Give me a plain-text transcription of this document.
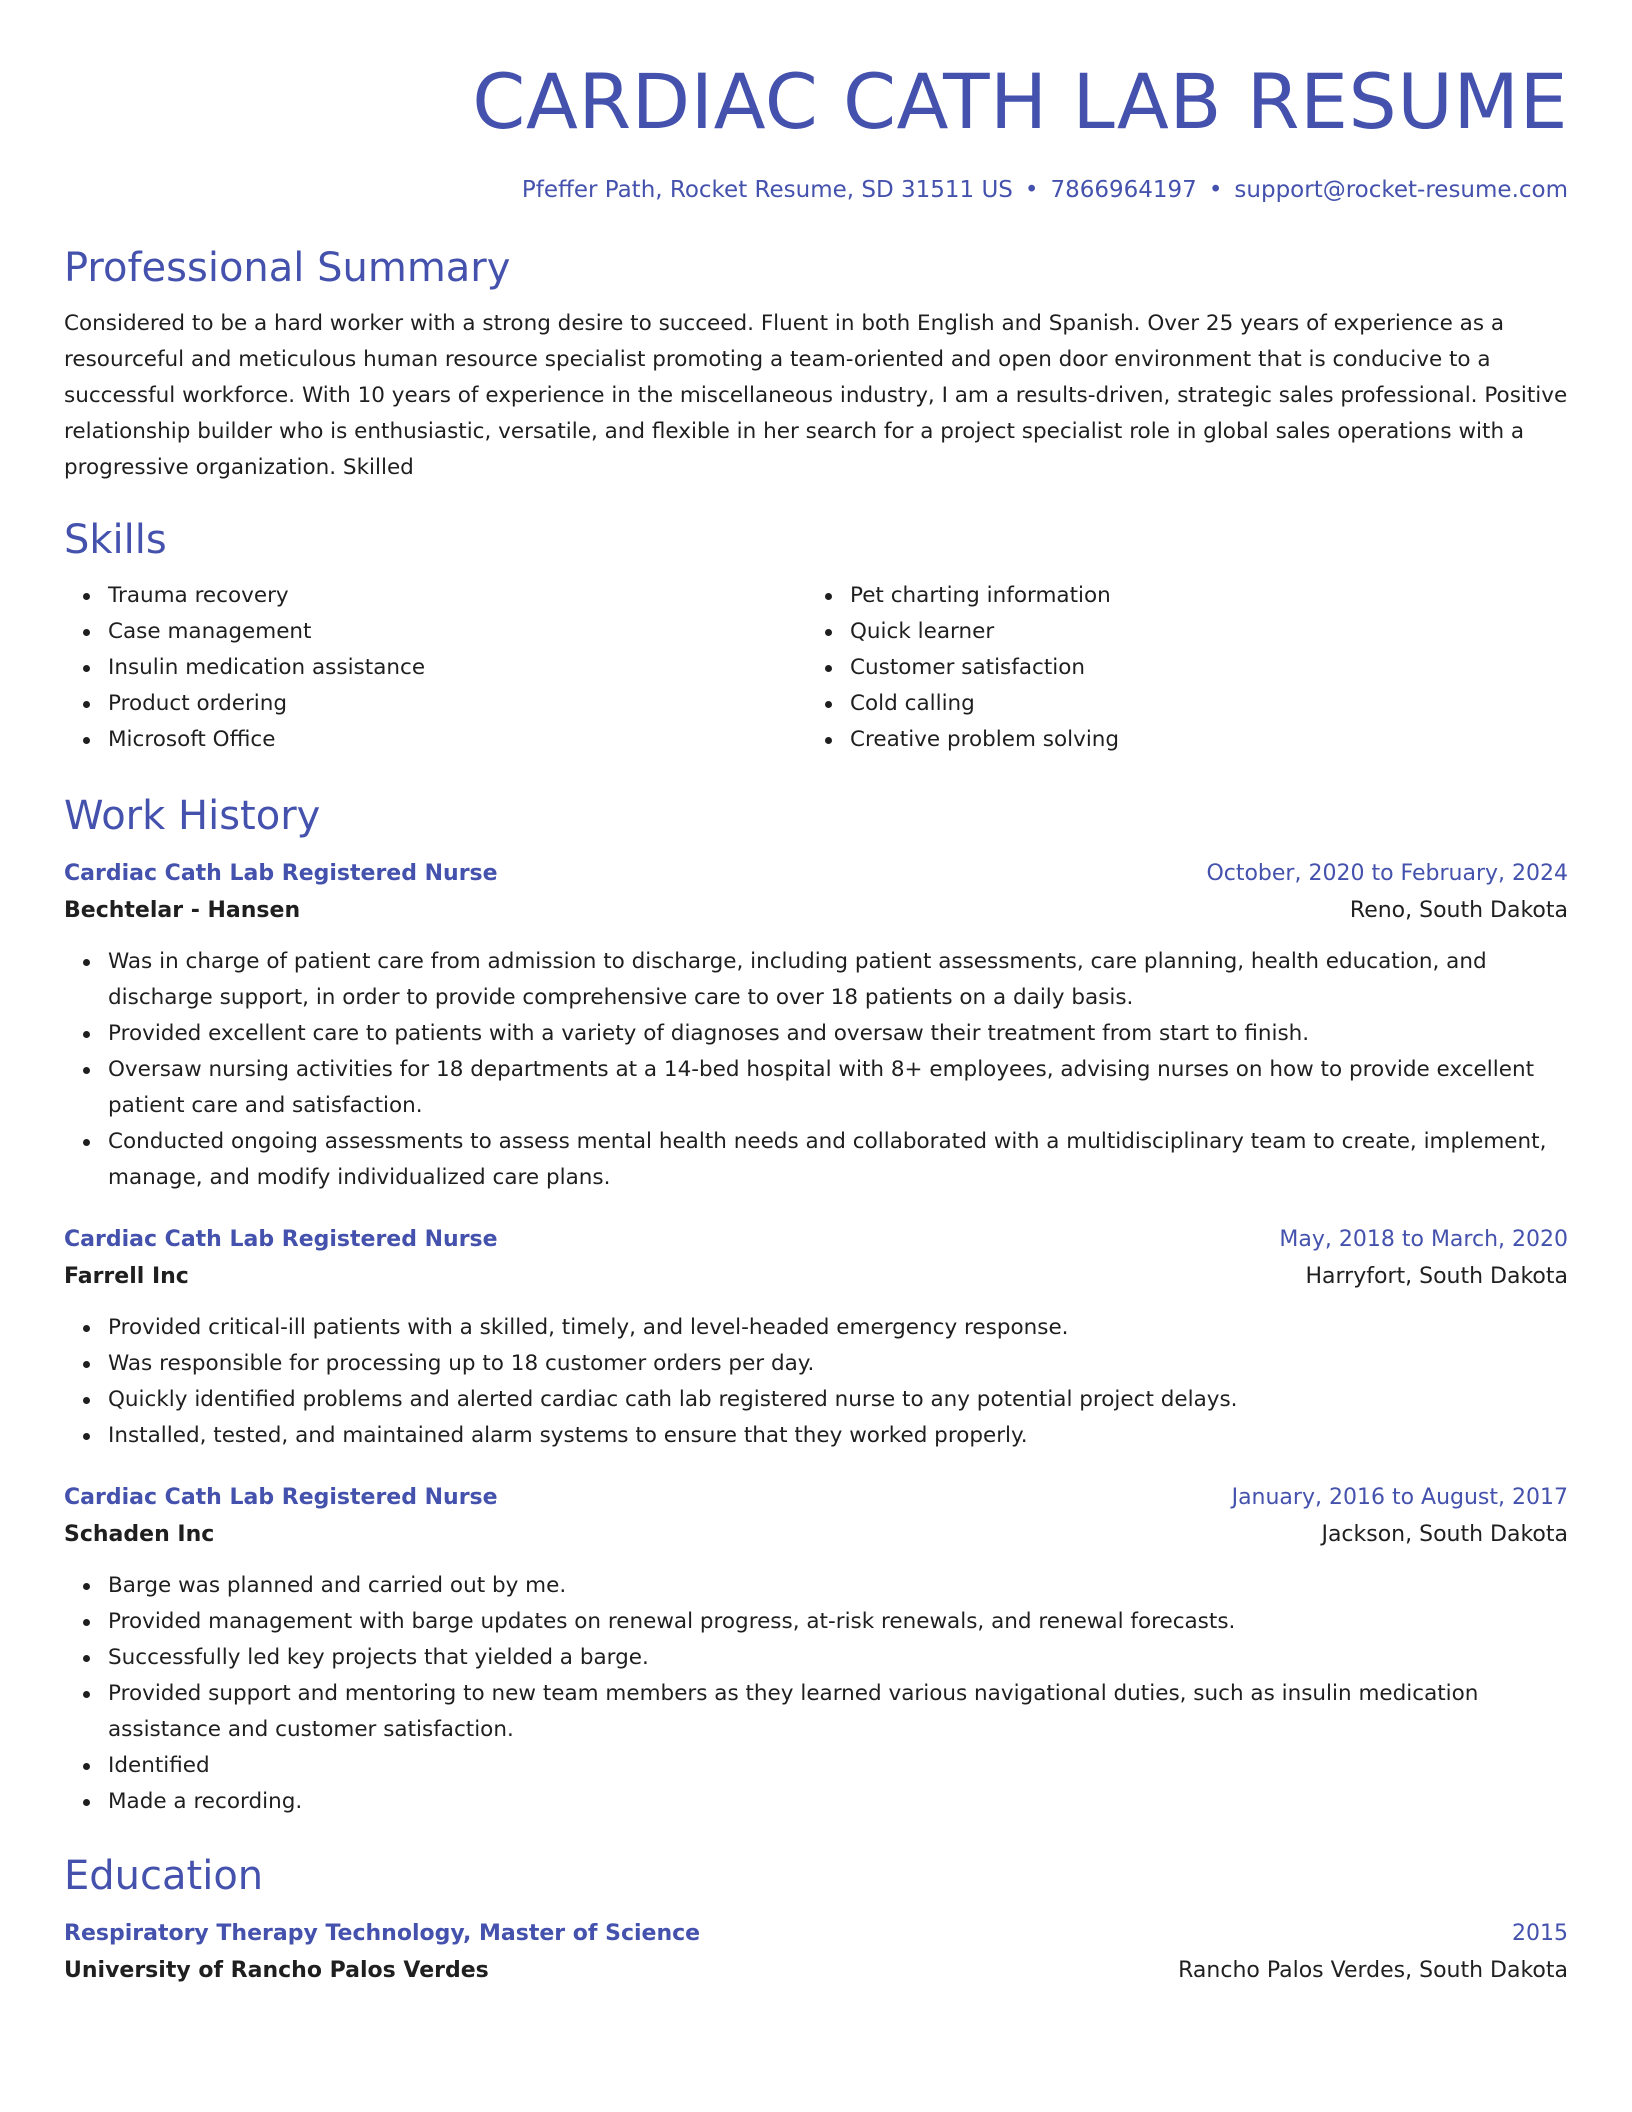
CARDIAC CATH LAB RESUME
Pfeffer Path, Rocket Resume, SD 31511 US • 7866964197 • support@rocket-resume.com
Professional Summary
Considered to be a hard worker with a strong desire to succeed. Fluent in both English and Spanish. Over 25 years of experience as a resourceful and meticulous human resource specialist promoting a team-oriented and open door environment that is conducive to a successful workforce. With 10 years of experience in the miscellaneous industry, I am a results-driven, strategic sales professional. Positive relationship builder who is enthusiastic, versatile, and flexible in her search for a project specialist role in global sales operations with a progressive organization. Skilled
Skills
Trauma recovery
Case management
Insulin medication assistance
Product ordering
Microsoft Office
Pet charting information
Quick learner
Customer satisfaction
Cold calling
Creative problem solving
Work History
Cardiac Cath Lab Registered Nurse	October, 2020 to February, 2024
Bechtelar - Hansen	Reno, South Dakota
Was in charge of patient care from admission to discharge, including patient assessments, care planning, health education, and discharge support, in order to provide comprehensive care to over 18 patients on a daily basis.
Provided excellent care to patients with a variety of diagnoses and oversaw their treatment from start to finish.
Oversaw nursing activities for 18 departments at a 14-bed hospital with 8+ employees, advising nurses on how to provide excellent patient care and satisfaction.
Conducted ongoing assessments to assess mental health needs and collaborated with a multidisciplinary team to create, implement, manage, and modify individualized care plans.
Cardiac Cath Lab Registered Nurse	May, 2018 to March, 2020
Farrell Inc	Harryfort, South Dakota
Provided critical-ill patients with a skilled, timely, and level-headed emergency response.
Was responsible for processing up to 18 customer orders per day.
Quickly identified problems and alerted cardiac cath lab registered nurse to any potential project delays.
Installed, tested, and maintained alarm systems to ensure that they worked properly.
Cardiac Cath Lab Registered Nurse	January, 2016 to August, 2017
Schaden Inc	Jackson, South Dakota
Barge was planned and carried out by me.
Provided management with barge updates on renewal progress, at-risk renewals, and renewal forecasts.
Successfully led key projects that yielded a barge.
Provided support and mentoring to new team members as they learned various navigational duties, such as insulin medication assistance and customer satisfaction.
Identified
Made a recording.
Education
Respiratory Therapy Technology, Master of Science	2015
University of Rancho Palos Verdes	Rancho Palos Verdes, South Dakota
